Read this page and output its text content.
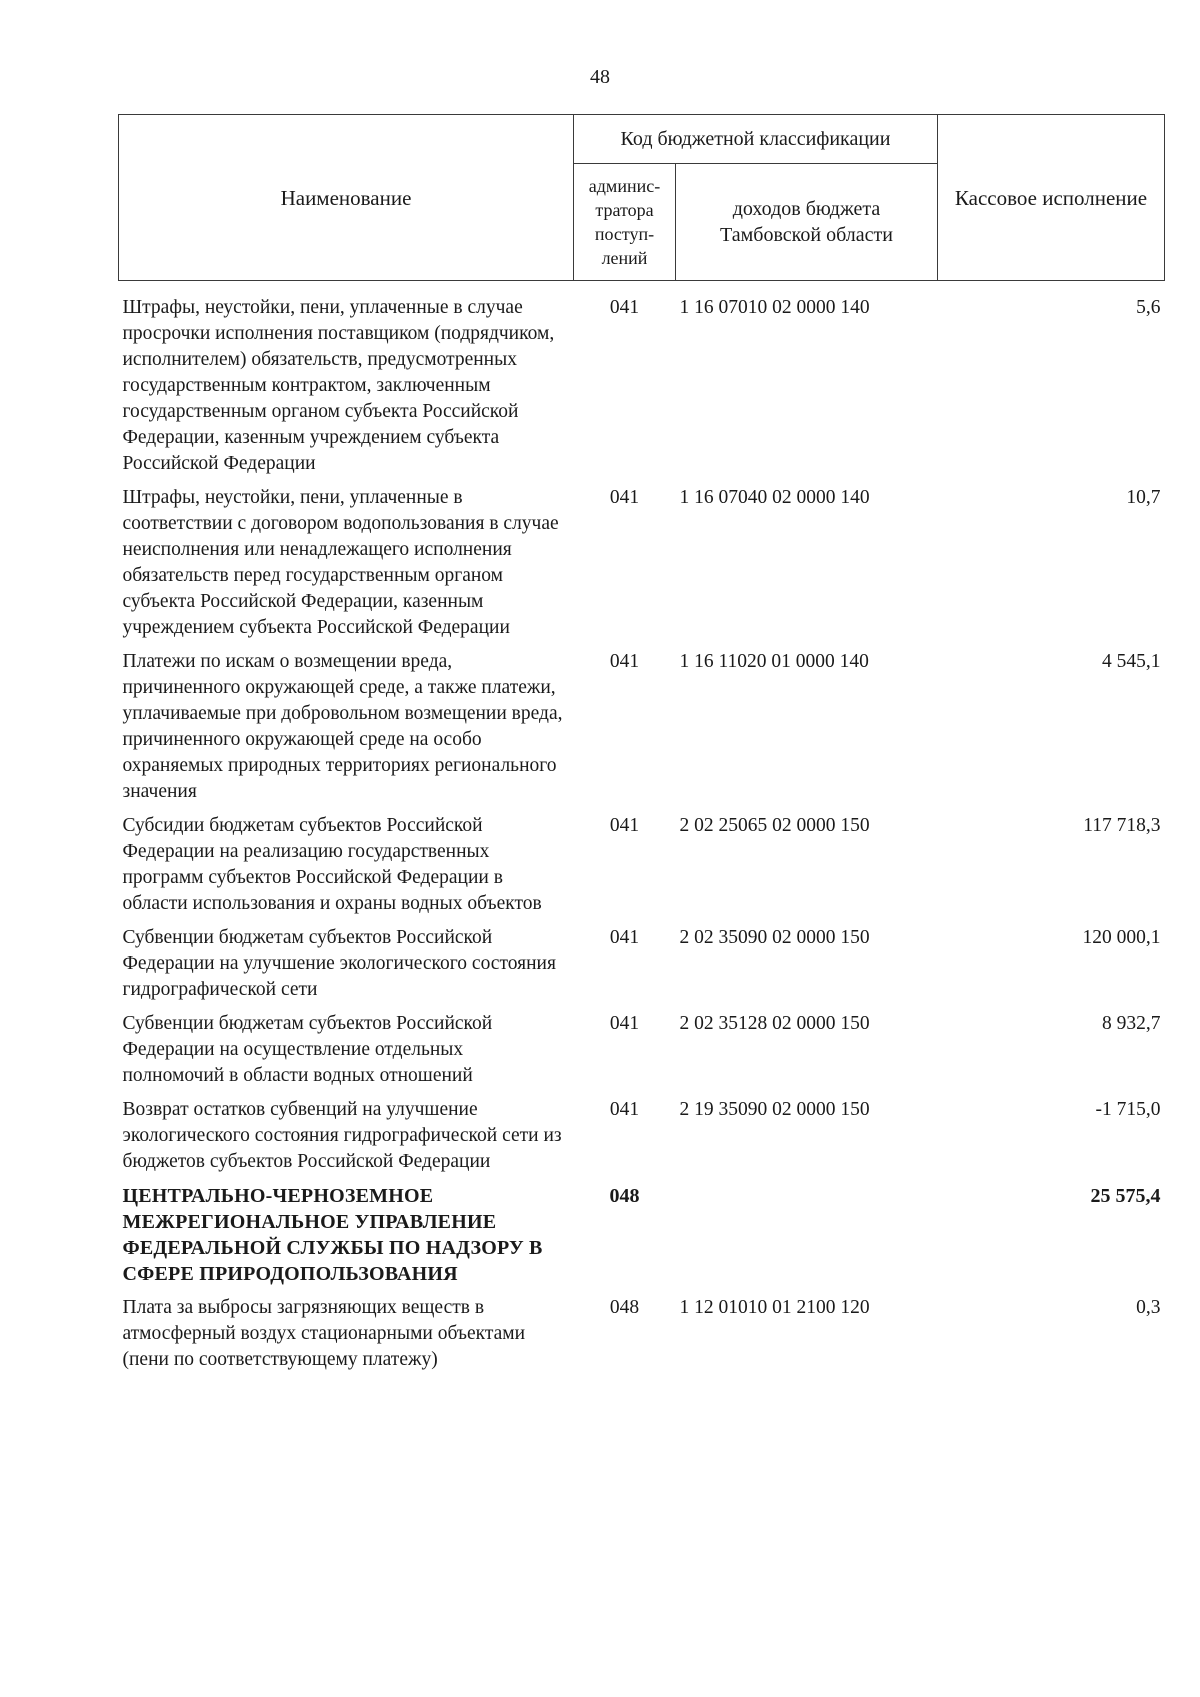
48
Наименование	Код бюджетной классификации		Кассовое исполнение
	админис-тратора поступ-лений	доходов бюджета Тамбовской области	
Штрафы, неустойки, пени, уплаченные в случае просрочки исполнения поставщиком (подрядчиком, исполнителем) обязательств, предусмотренных государственным контрактом, заключенным государственным органом субъекта Российской Федерации, казенным учреждением субъекта Российской Федерации	041	1 16 07010 02 0000 140	5,6
Штрафы, неустойки, пени, уплаченные в соответствии с договором водопользования в случае неисполнения или ненадлежащего исполнения обязательств перед государственным органом субъекта Российской Федерации, казенным учреждением субъекта Российской Федерации	041	1 16 07040 02 0000 140	10,7
Платежи по искам о возмещении вреда, причиненного окружающей среде, а также платежи, уплачиваемые при добровольном возмещении вреда, причиненного окружающей среде на особо охраняемых природных территориях регионального значения	041	1 16 11020 01 0000 140	4 545,1
Субсидии бюджетам субъектов Российской Федерации на реализацию государственных программ субъектов Российской Федерации в области использования и охраны водных объектов	041	2 02 25065 02 0000 150	117 718,3
Субвенции бюджетам субъектов Российской Федерации на улучшение экологического состояния гидрографической сети	041	2 02 35090 02 0000 150	120 000,1
Субвенции бюджетам субъектов Российской Федерации на осуществление отдельных полномочий в области водных отношений	041	2 02 35128 02 0000 150	8 932,7
Возврат остатков субвенций на улучшение экологического состояния гидрографической сети из бюджетов субъектов Российской Федерации	041	2 19 35090 02 0000 150	-1 715,0
ЦЕНТРАЛЬНО-ЧЕРНОЗЕМНОЕ МЕЖРЕГИОНАЛЬНОЕ УПРАВЛЕНИЕ ФЕДЕРАЛЬНОЙ СЛУЖБЫ ПО НАДЗОРУ В СФЕРЕ ПРИРОДОПОЛЬЗОВАНИЯ	048		25 575,4
Плата за выбросы загрязняющих веществ в атмосферный воздух стационарными объектами (пени по соответствующему платежу)	048	1 12 01010 01 2100 120	0,3
